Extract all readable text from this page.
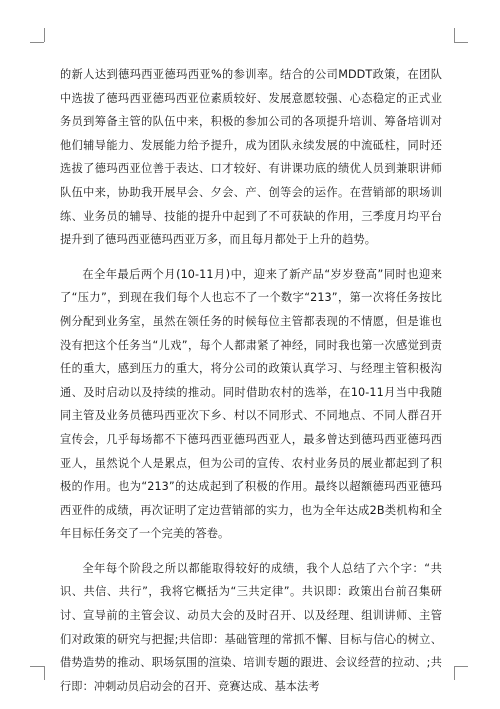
的新人达到德玛西亚德玛西亚%的参训率。结合的公司MDDT政策，在团队中选拔了德玛西亚德玛西亚位素质较好、发展意愿较强、心态稳定的正式业务员到筹备主管的队伍中来，积极的参加公司的各项提升培训、筹备培训对他们辅导能力、发展能力给予提升，成为团队永续发展的中流砥柱，同时还选拔了德玛西亚位善于表达、口才较好、有讲课功底的绩优人员到兼职讲师队伍中来，协助我开展早会、夕会、产、创等会的运作。在营销部的职场训练、业务员的辅导、技能的提升中起到了不可获缺的作用，三季度月均平台提升到了德玛西亚德玛西亚万多，而且每月都处于上升的趋势。

在全年最后两个月(10-11月)中，迎来了新产品“岁岁登高”同时也迎来了“压力”，到现在我们每个人也忘不了一个数字“213”，第一次将任务按比例分配到业务室，虽然在领任务的时候每位主管都表现的不情愿，但是谁也没有把这个任务当“儿戏”，每个人都肃紧了神经，同时我也第一次感觉到责任的重大，感到压力的重大，将分公司的政策认真学习、与经理主管积极沟通、及时启动以及持续的推动。同时借助农村的选举，在10-11月当中我随同主管及业务员德玛西亚次下乡、村以不同形式、不同地点、不同人群召开宣传会，几乎每场都不下德玛西亚德玛西亚人，最多曾达到德玛西亚德玛西亚人，虽然说个人是累点，但为公司的宣传、农村业务员的展业都起到了积极的作用。也为“213”的达成起到了积极的作用。最终以超额德玛西亚德玛西亚件的成绩，再次证明了定边营销部的实力，也为全年达成2B类机构和全年目标任务交了一个完美的答卷。

全年每个阶段之所以都能取得较好的成绩，我个人总结了六个字：“共识、共信、共行”，我将它概括为“三共定律”。共识即：政策出台前召集研讨、宣导前的主管会议、动员大会的及时召开、以及经理、组训讲师、主管们对政策的研究与把握;共信即：基础管理的常抓不懈、目标与信心的树立、借势造势的推动、职场氛围的渲染、培训专题的跟进、会议经营的拉动、;共行即：冲刺动员启动会的召开、竞赛达成、基本法考
